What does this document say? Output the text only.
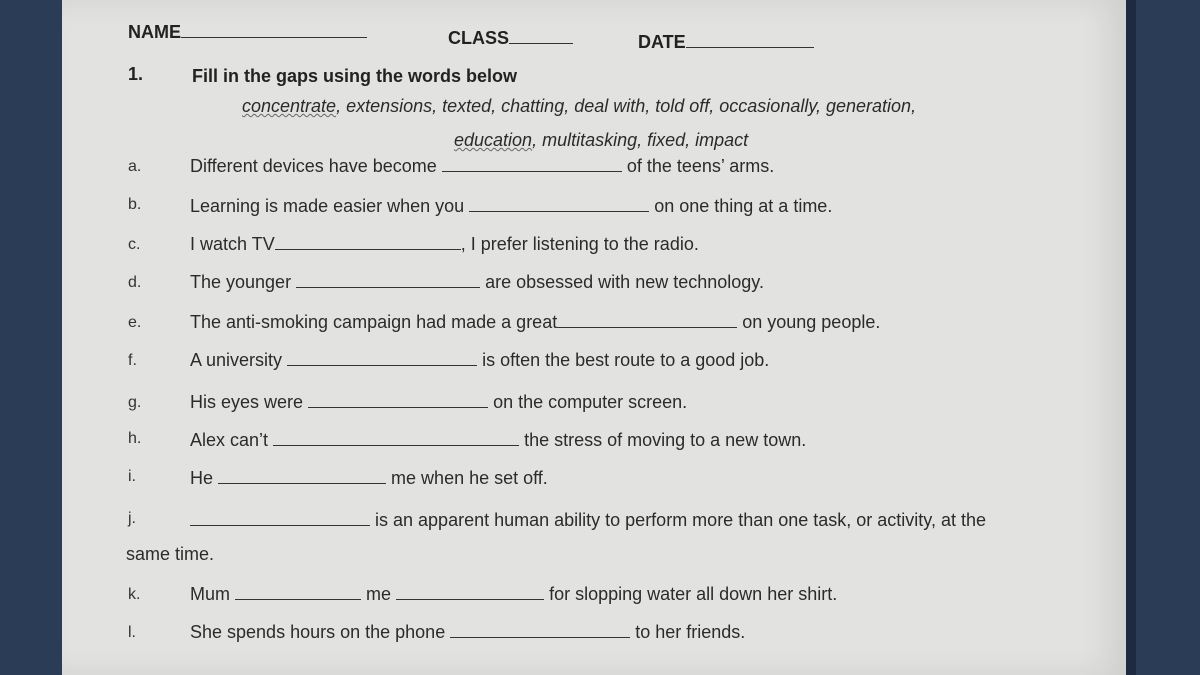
NAME	CLASS	DATE
1.	Fill in the gaps using the words below
concentrate, extensions, texted, chatting, deal with, told off, occasionally, generation,
education, multitasking, fixed, impact
a.	Different devices have become	of the teens’ arms.
b.	Learning is made easier when you	on one thing at a time.
c.	I watch TV	, I prefer listening to the radio.
d.	The younger	are obsessed with new technology.
e.	The anti-smoking campaign had made a great	on young people.
f.	A university	is often the best route to a good job.
g.	His eyes were	on the computer screen.
h.	Alex can’t	the stress of moving to a new town.
i.	He	me when he set off.
j.	is an apparent human ability to perform more than one task, or activity, at the
same time.
k.	Mum	me	for slopping water all down her shirt.
l.	She spends hours on the phone	to her friends.
